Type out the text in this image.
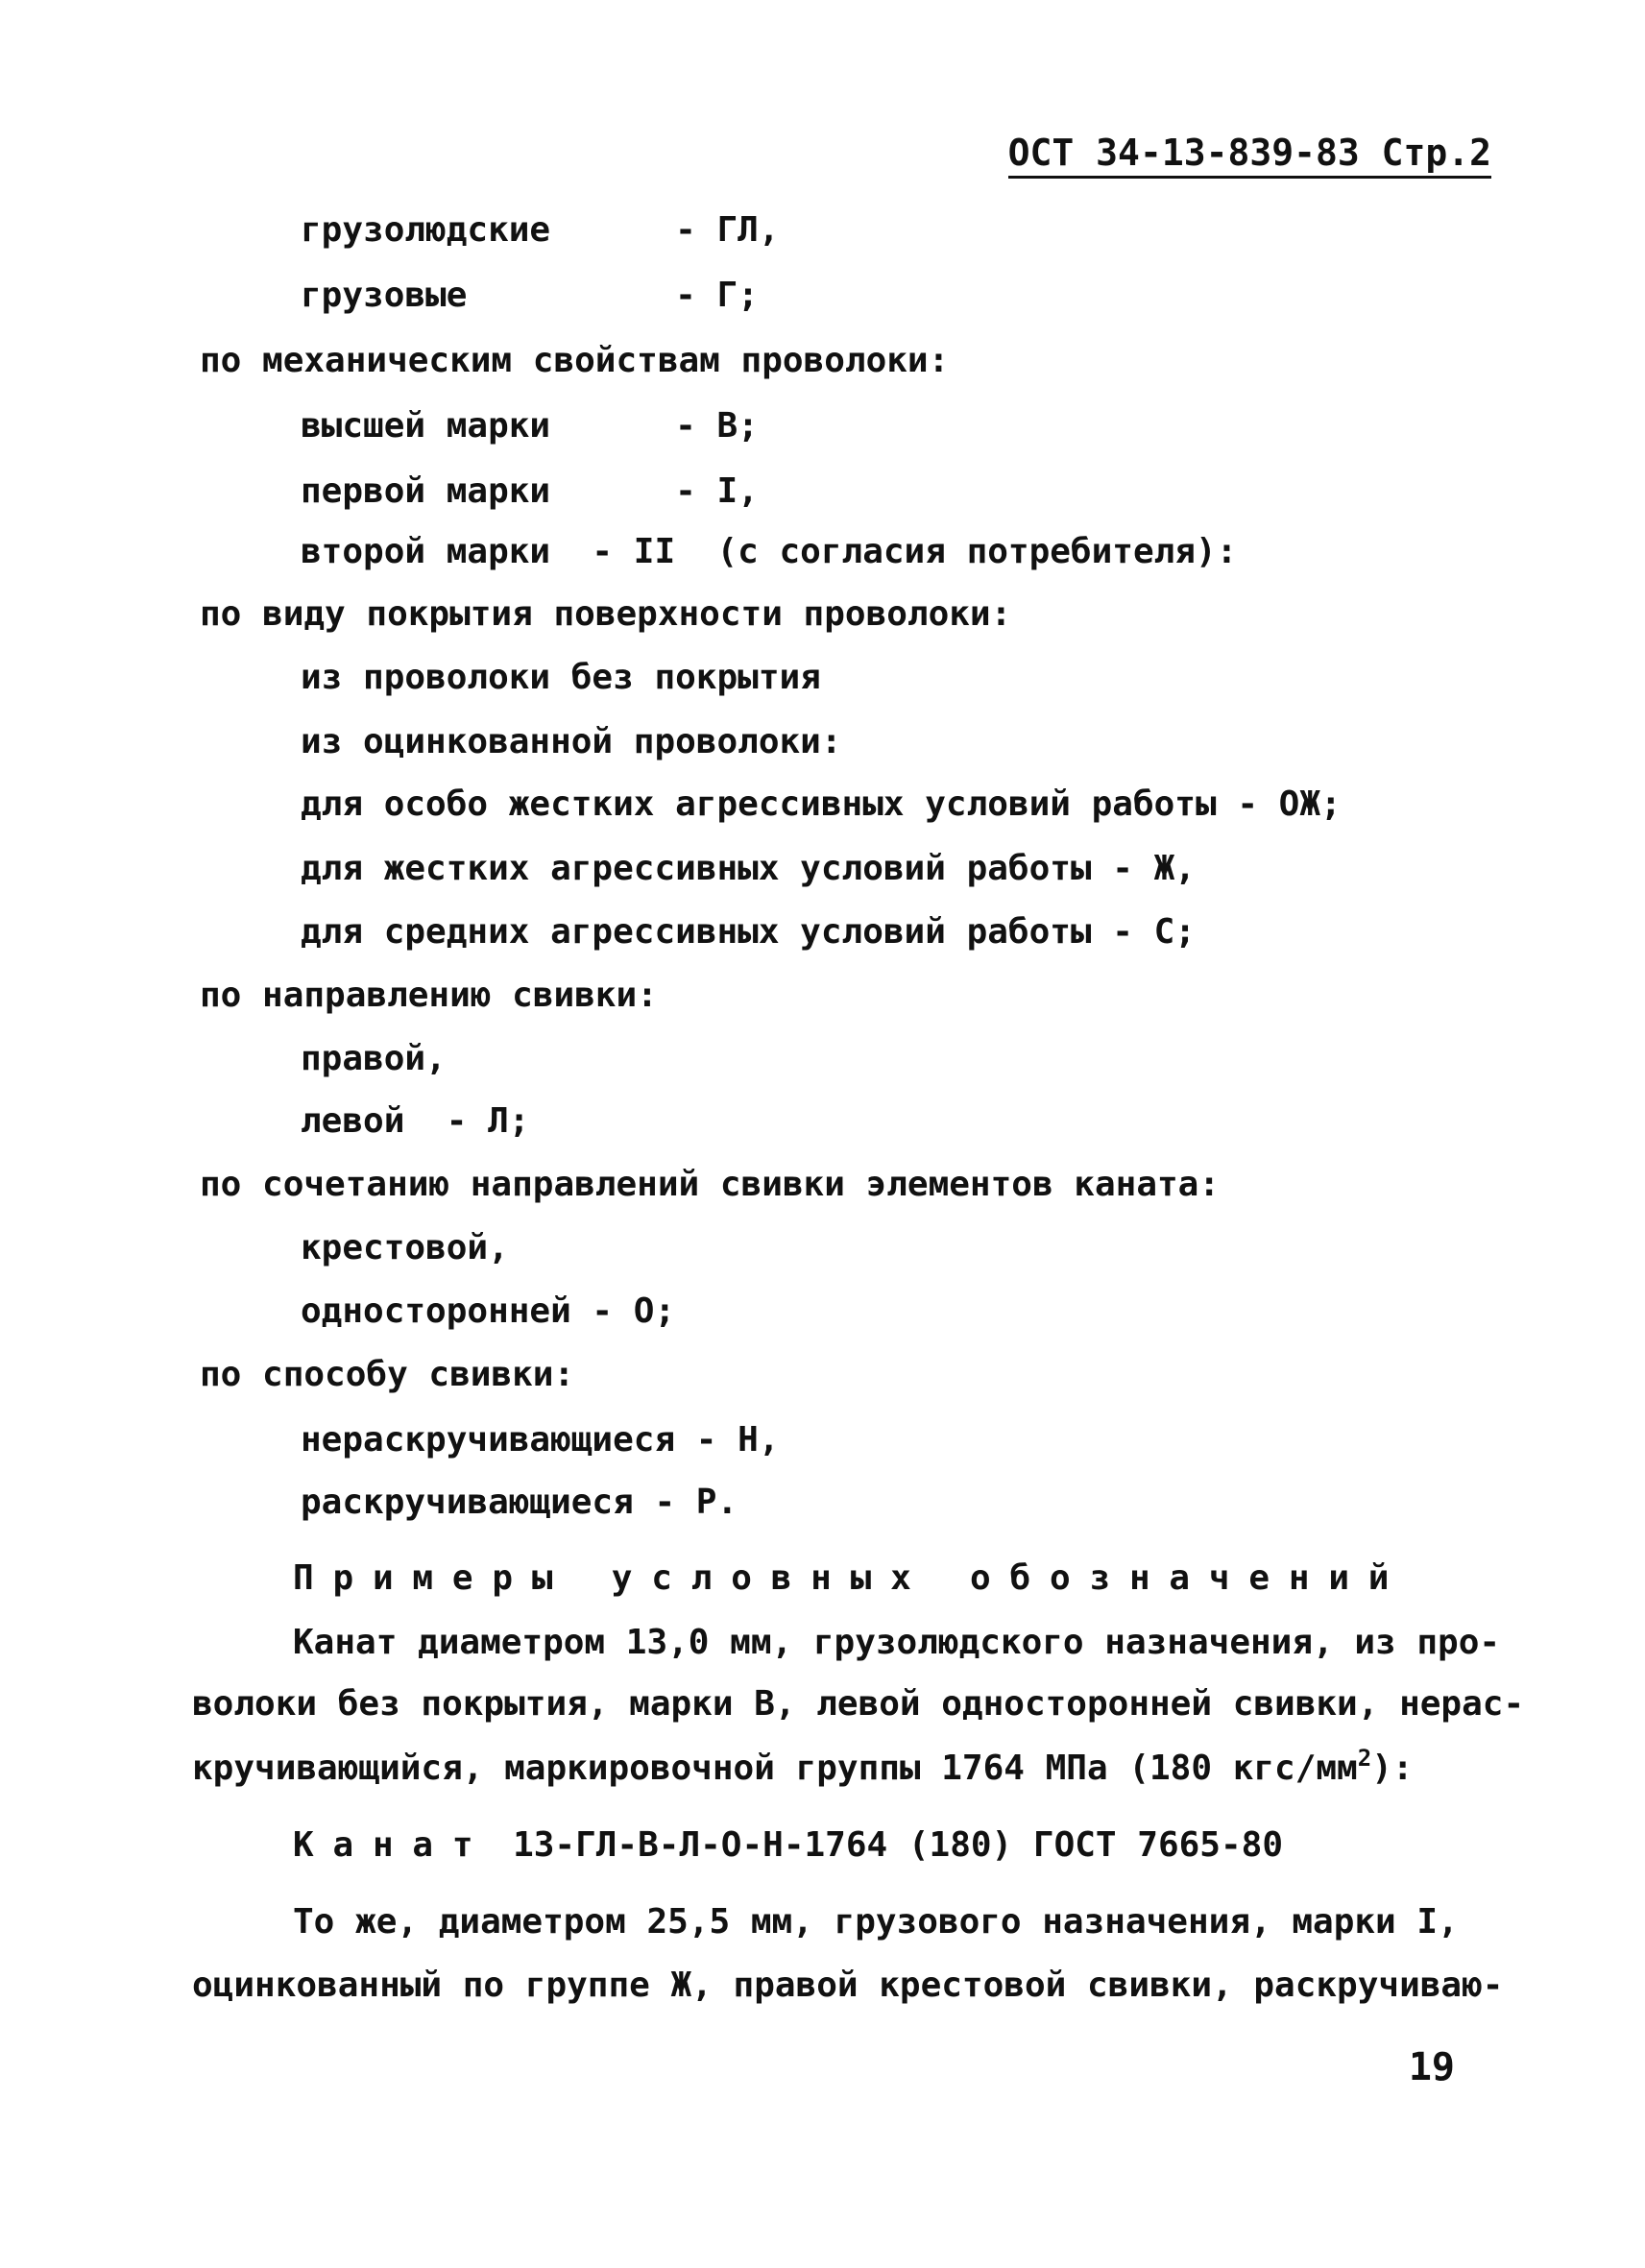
ОСТ 34-13-839-83 Стр.2
грузолюдские      - ГЛ,
грузовые          - Г;
по механическим свойствам проволоки:
высшей марки      - В;
первой марки      - I,
второй марки  - II  (с согласия потребителя):
по виду покрытия поверхности проволоки:
из проволоки без покрытия
из оцинкованной проволоки:
для особо жестких агрессивных условий работы - ОЖ;
для жестких агрессивных условий работы - Ж,
для средних агрессивных условий работы - С;
по направлению свивки:
правой,
левой  - Л;
по сочетанию направлений свивки элементов каната:
крестовой,
односторонней - О;
по способу свивки:
нераскручивающиеся - Н,
раскручивающиеся - Р.
Примеры условных обозначений
Канат диаметром 13,0 мм, грузолюдского назначения, из про-
волоки без покрытия, марки В, левой односторонней свивки, нерас-
кручивающийся, маркировочной группы 1764 МПа (180 кгс/$мм^2$):
Канат 13-ГЛ-В-Л-О-Н-1764 (180) ГОСТ 7665-80
То же, диаметром 25,5 мм, грузового назначения, марки I,
оцинкованный по группе Ж, правой крестовой свивки, раскручиваю-
19
